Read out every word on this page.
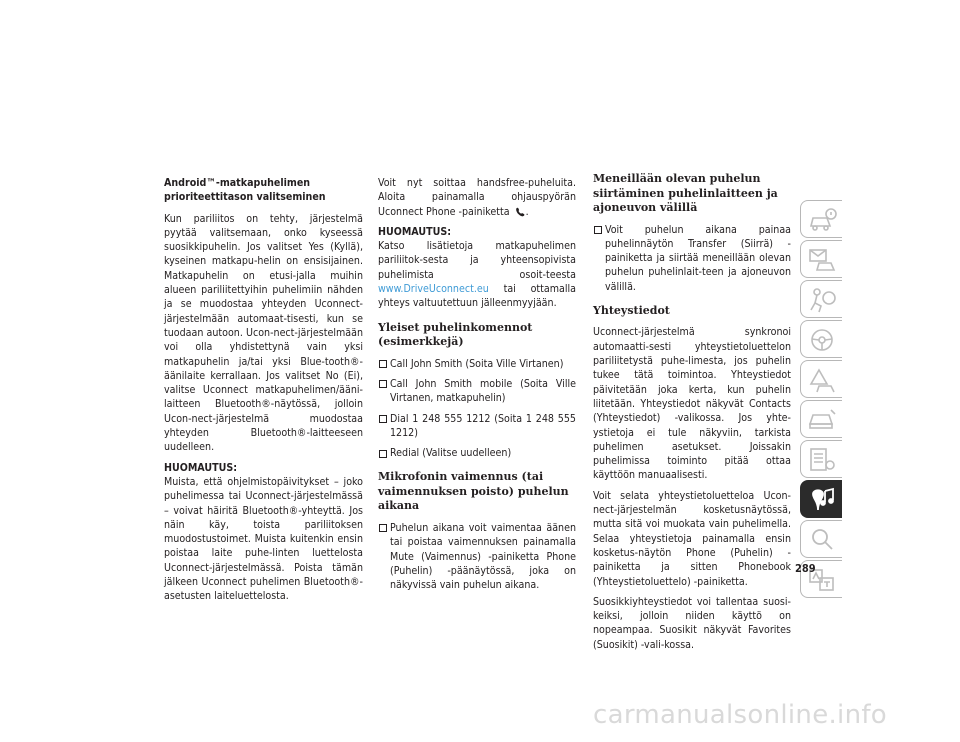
Android™-matkapuhelimen prioriteettitason valitseminen

Kun pariliitos on tehty, järjestelmä pyytää valitsemaan, onko kyseessä suosikkipuhelin. Jos valitset Yes (Kyllä), kyseinen matkapu-helin on ensisijainen. Matkapuhelin on etusi-jalla muihin alueen pariliitettyihin puhelimiin nähden ja se muodostaa yhteyden Uconnect-järjestelmään automaat-tisesti, kun se tuodaan autoon. Ucon-nect-järjestelmään voi olla yhdistettynä vain yksi matkapuhelin ja/tai yksi Blue-tooth®-äänilaite kerrallaan. Jos valitset No (Ei), valitse Uconnect matkapuhelimen/ääni-laitteen Bluetooth®-näytössä, jolloin Ucon-nect-järjestelmä muodostaa yhteyden Bluetooth®-laitteeseen uudelleen.

HUOMAUTUS:

Muista, että ohjelmistopäivitykset – joko puhelimessa tai Uconnect-järjestelmässä – voivat häiritä Bluetooth®-yhteyttä. Jos näin käy, toista pariliitoksen muodostustoimet. Muista kuitenkin ensin poistaa laite puhe-linten luettelosta Uconnect-järjestelmässä. Poista tämän jälkeen Uconnect puhelimen Bluetooth®-asetusten laiteluettelosta.

Voit nyt soittaa handsfree-puheluita. Aloita painamalla ohjauspyörän Uconnect Phone -painiketta .

HUOMAUTUS:

Katso lisätietoja matkapuhelimen pariliitok-sesta ja yhteensopivista puhelimista osoit-teesta www.DriveUconnect.eu tai ottamalla yhteys valtuutettuun jälleenmyyjään.

Yleiset puhelinkomennot (esimerkkejä)
Call John Smith (Soita Ville Virtanen)
Call John Smith mobile (Soita Ville Virtanen, matkapuhelin)
Dial 1 248 555 1212 (Soita 1 248 555 1212)
Redial (Valitse uudelleen)
Mikrofonin vaimennus (tai vaimennuksen poisto) puhelun aikana
Puhelun aikana voit vaimentaa äänen tai poistaa vaimennuksen painamalla Mute (Vaimennus) -painiketta Phone (Puhelin) -päänäytössä, joka on näkyvissä vain puhelun aikana.
Meneillään olevan puhelun siirtäminen puhelinlaitteen ja ajoneuvon välillä
Voit puhelun aikana painaa puhelinnäytön Transfer (Siirrä) -painiketta ja siirtää meneillään olevan puhelun puhelinlait-teen ja ajoneuvon välillä.
Yhteystiedot

Uconnect-järjestelmä synkronoi automaatti-sesti yhteystietoluettelon pariliitetystä puhe-limesta, jos puhelin tukee tätä toimintoa. Yhteystiedot päivitetään joka kerta, kun puhelin liitetään. Yhteystiedot näkyvät Contacts (Yhteystiedot) -valikossa. Jos yhte-ystietoja ei tule näkyviin, tarkista puhelimen asetukset. Joissakin puhelimissa toiminto pitää ottaa käyttöön manuaalisesti.

Voit selata yhteystietoluetteloa Ucon-nect-järjestelmän kosketusnäytössä, mutta sitä voi muokata vain puhelimella. Selaa yhteystietoja painamalla ensin kosketus-näytön Phone (Puhelin) -painiketta ja sitten Phonebook (Yhteystietoluettelo) -painiketta.

Suosikkiyhteystiedot voi tallentaa suosi-keiksi, jolloin niiden käyttö on nopeampaa. Suosikit näkyvät Favorites (Suosikit) -vali-kossa.

289
carmanualsonline.info
